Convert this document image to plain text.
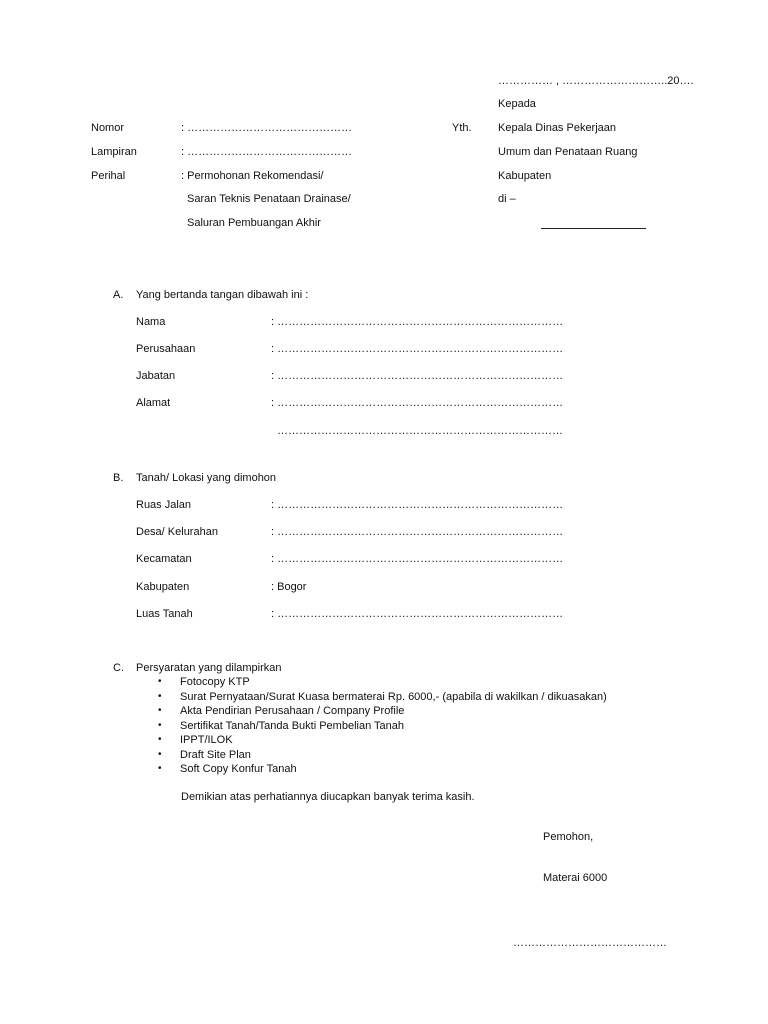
…………… , ………………………..20….
Kepada
Yth. Kepala Dinas Pekerjaan
Umum dan Penataan Ruang
Kabupaten
di –
Nomor	: ………………………………………
Lampiran	: ………………………………………
Perihal	: Permohonan Rekomendasi/
Saran Teknis Penataan Drainase/
Saluran Pembuangan Akhir
A. Yang bertanda tangan dibawah ini :
Nama	: ……………………………………………………………………
Perusahaan	: ……………………………………………………………………
Jabatan	: ……………………………………………………………………
Alamat	: ……………………………………………………………………
……………………………………………………………………
B. Tanah/ Lokasi yang dimohon
Ruas Jalan	: ……………………………………………………………………
Desa/ Kelurahan	: ……………………………………………………………………
Kecamatan	: ……………………………………………………………………
Kabupaten	: Bogor
Luas Tanah	: ……………………………………………………………………
C. Persyaratan yang dilampirkan
• Fotocopy KTP
• Surat Pernyataan/Surat Kuasa bermaterai Rp. 6000,- (apabila di wakilkan / dikuasakan)
• Akta Pendirian Perusahaan / Company Profile
• Sertifikat Tanah/Tanda Bukti Pembelian Tanah
• IPPT/ILOK
• Draft Site Plan
• Soft Copy Konfur Tanah
Demikian atas perhatiannya diucapkan banyak terima kasih.
Pemohon,
Materai 6000
……………………………………
